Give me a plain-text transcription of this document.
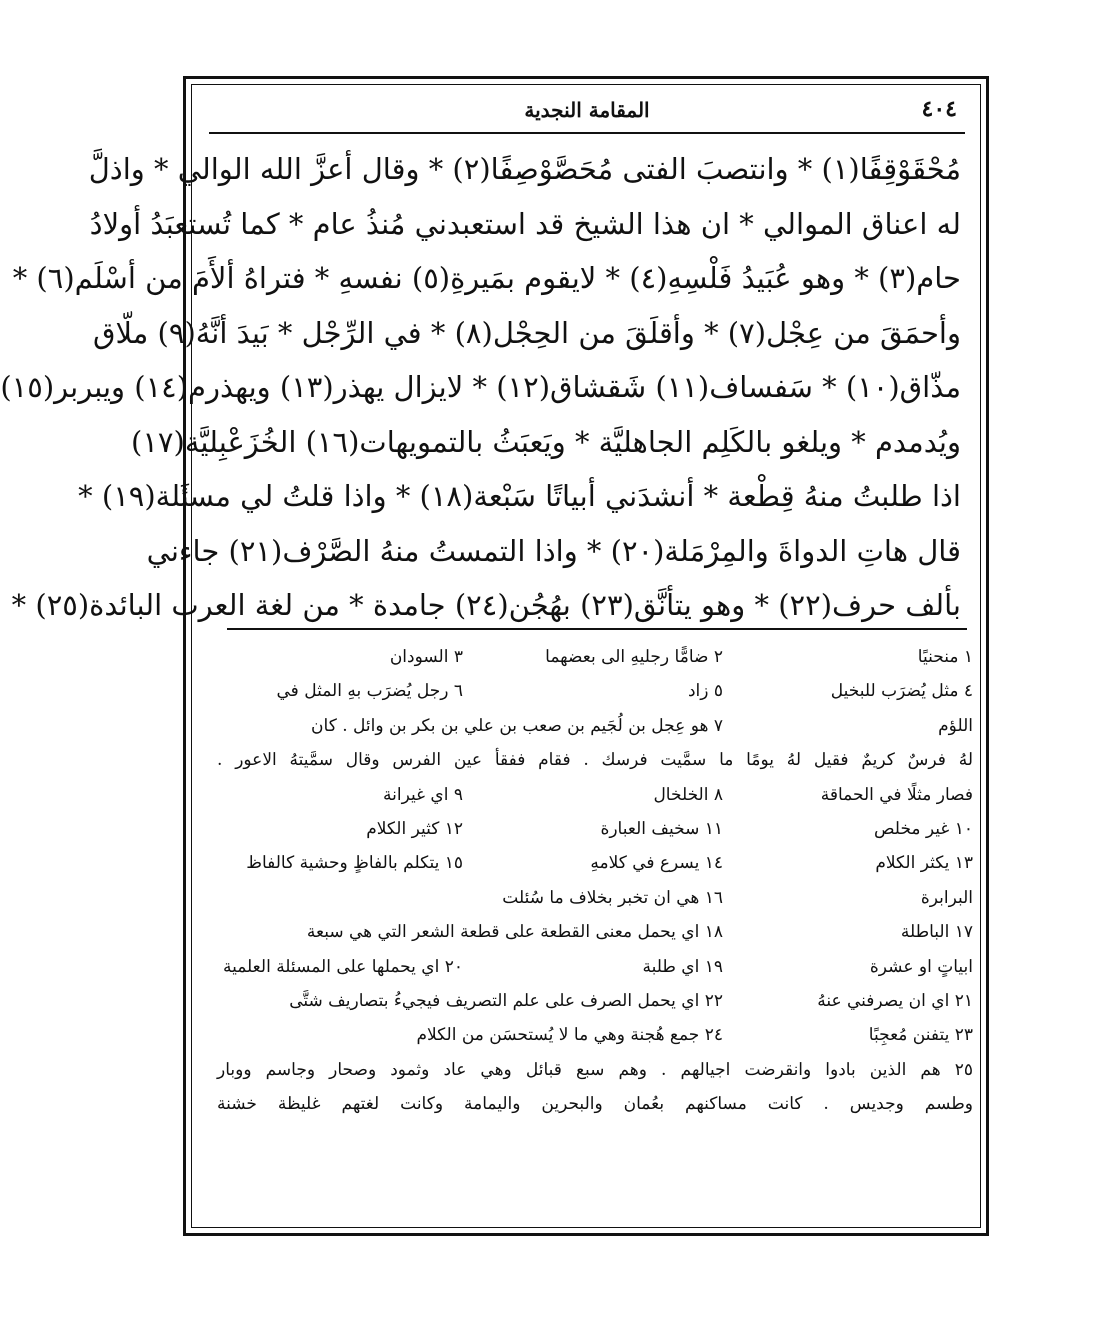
٤٠٤
المقامة النجدية
مُحْقَوْقِفًا(١) * وانتصبَ الفتى مُحَصَّوْصِفًا(٢) * وقال أعزَّ الله الوالي * واذلَّ
له اعناق الموالي * ان هذا الشيخ قد استعبدني مُنذُ عام * كما تُستعبَدُ أولادُ
حام(٣) * وهو عُبَيدُ فَلْسِهِ(٤) * لايقوم بمَيرةِ(٥) نفسهِ * فتراهُ ألأَمَ من أسْلَم(٦) *
وأحمَقَ من عِجْل(٧) * وأقلَقَ من الحِجْل(٨) * في الرِّجْل * بَيدَ أنَّهُ(٩) ملّاق
مذّاق(١٠) * سَفساف(١١) شَقشاق(١٢) * لايزال يهذر(١٣) ويهذرم(١٤) ويبربر(١٥)
ويُدمدم * ويلغو بالكَلِم الجاهليَّة * ويَعبَثُ بالتمويهات(١٦) الخُزَعْبِليَّة(١٧)
اذا طلبتُ منهُ قِطْعة * أنشدَني أبياتًا سَبْعة(١٨) * واذا قلتُ لي مسئَلة(١٩) *
قال هاتِ الدواةَ والمِرْمَلة(٢٠) * واذا التمستُ منهُ الصَّرْف(٢١) جاءني
بألف حرف(٢٢) * وهو يتأنَّق(٢٣) بهُجُن(٢٤) جامدة * من لغة العرب البائدة(٢٥) *
١ منحنيًا
٢ ضامًّا رجليهِ الى بعضهما
٣ السودان
٤ مثل يُضرَب للبخيل
٥ زاد
٦ رجل يُضرَب بهِ المثل في
اللؤم
٧ هو عِجل بن لُجَيم بن صعب بن علي بن بكر بن وائل . كان
لهُ فرسٌ كريمٌ فقيل لهُ يومًا ما سمَّيت فرسك . فقام ففقأ عين الفرس وقال سمَّيتهُ الاعور .
فصار مثلًا في الحماقة
٨ الخلخال
٩ اي غيرانة
١٠ غير مخلص
١١ سخيف العبارة
١٢ كثير الكلام
١٣ يكثر الكلام
١٤ يسرع في كلامهِ
١٥ يتكلم بالفاظٍ وحشية كالفاظ
البرابرة
١٦ هي ان تخبر بخلاف ما سُئلت
١٧ الباطلة
١٨ اي يحمل معنى القطعة على قطعة الشعر التي هي سبعة
ابياتٍ او عشرة
١٩ اي طلبة
٢٠ اي يحملها على المسئلة العلمية
٢١ اي ان يصرفني عنهُ
٢٢ اي يحمل الصرف على علم التصريف فيجيءُ بتصاريف شتَّى
٢٣ يتفنن مُعجِبًا
٢٤ جمع هُجنة وهي ما لا يُستحسَن من الكلام
٢٥ هم الذين بادوا وانقرضت اجيالهم . وهم سبع قبائل وهي عاد وثمود وصحار وجاسم ووبار
وطسم وجديس . كانت مساكنهم بعُمان والبحرين واليمامة وكانت لغتهم غليظة خشنة
